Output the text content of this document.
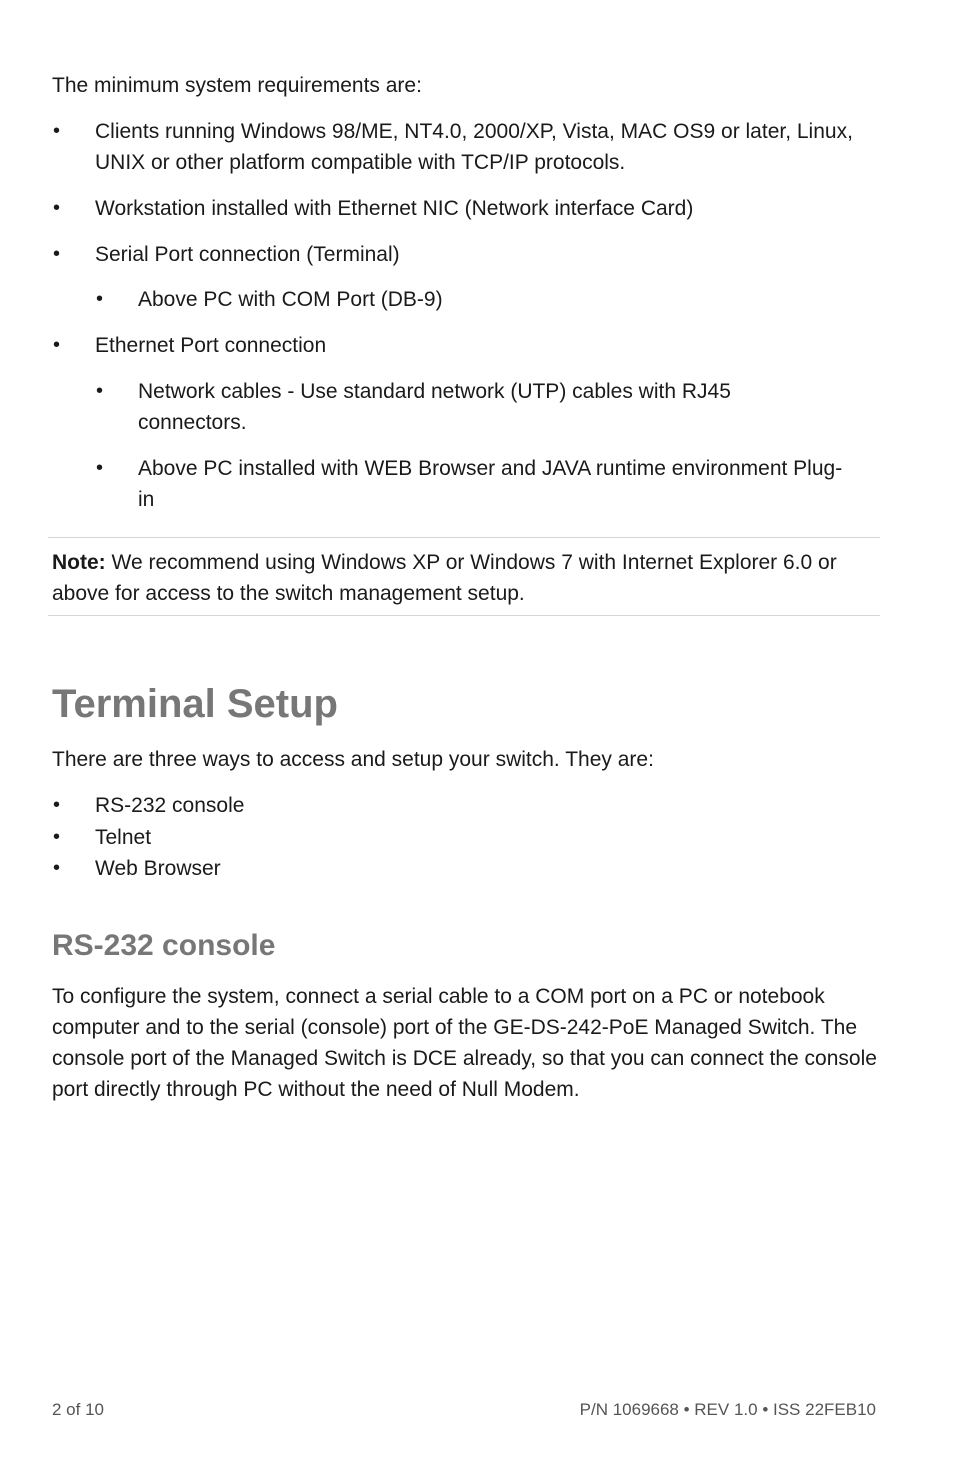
The minimum system requirements are:

• Clients running Windows 98/ME, NT4.0, 2000/XP, Vista, MAC OS9 or later, Linux, UNIX or other platform compatible with TCP/IP protocols.
• Workstation installed with Ethernet NIC (Network interface Card)
• Serial Port connection (Terminal)
• Above PC with COM Port (DB-9)
• Ethernet Port connection
• Network cables - Use standard network (UTP) cables with RJ45 connectors.
• Above PC installed with WEB Browser and JAVA runtime environment Plug-in
Note: We recommend using Windows XP or Windows 7 with Internet Explorer 6.0 or above for access to the switch management setup.
Terminal Setup

There are three ways to access and setup your switch. They are:

• RS-232 console
• Telnet
• Web Browser
RS-232 console

To configure the system, connect a serial cable to a COM port on a PC or notebook computer and to the serial (console) port of the GE-DS-242-PoE Managed Switch. The console port of the Managed Switch is DCE already, so that you can connect the console port directly through PC without the need of Null Modem.

2 of 10	P/N 1069668 • REV 1.0 • ISS 22FEB10
